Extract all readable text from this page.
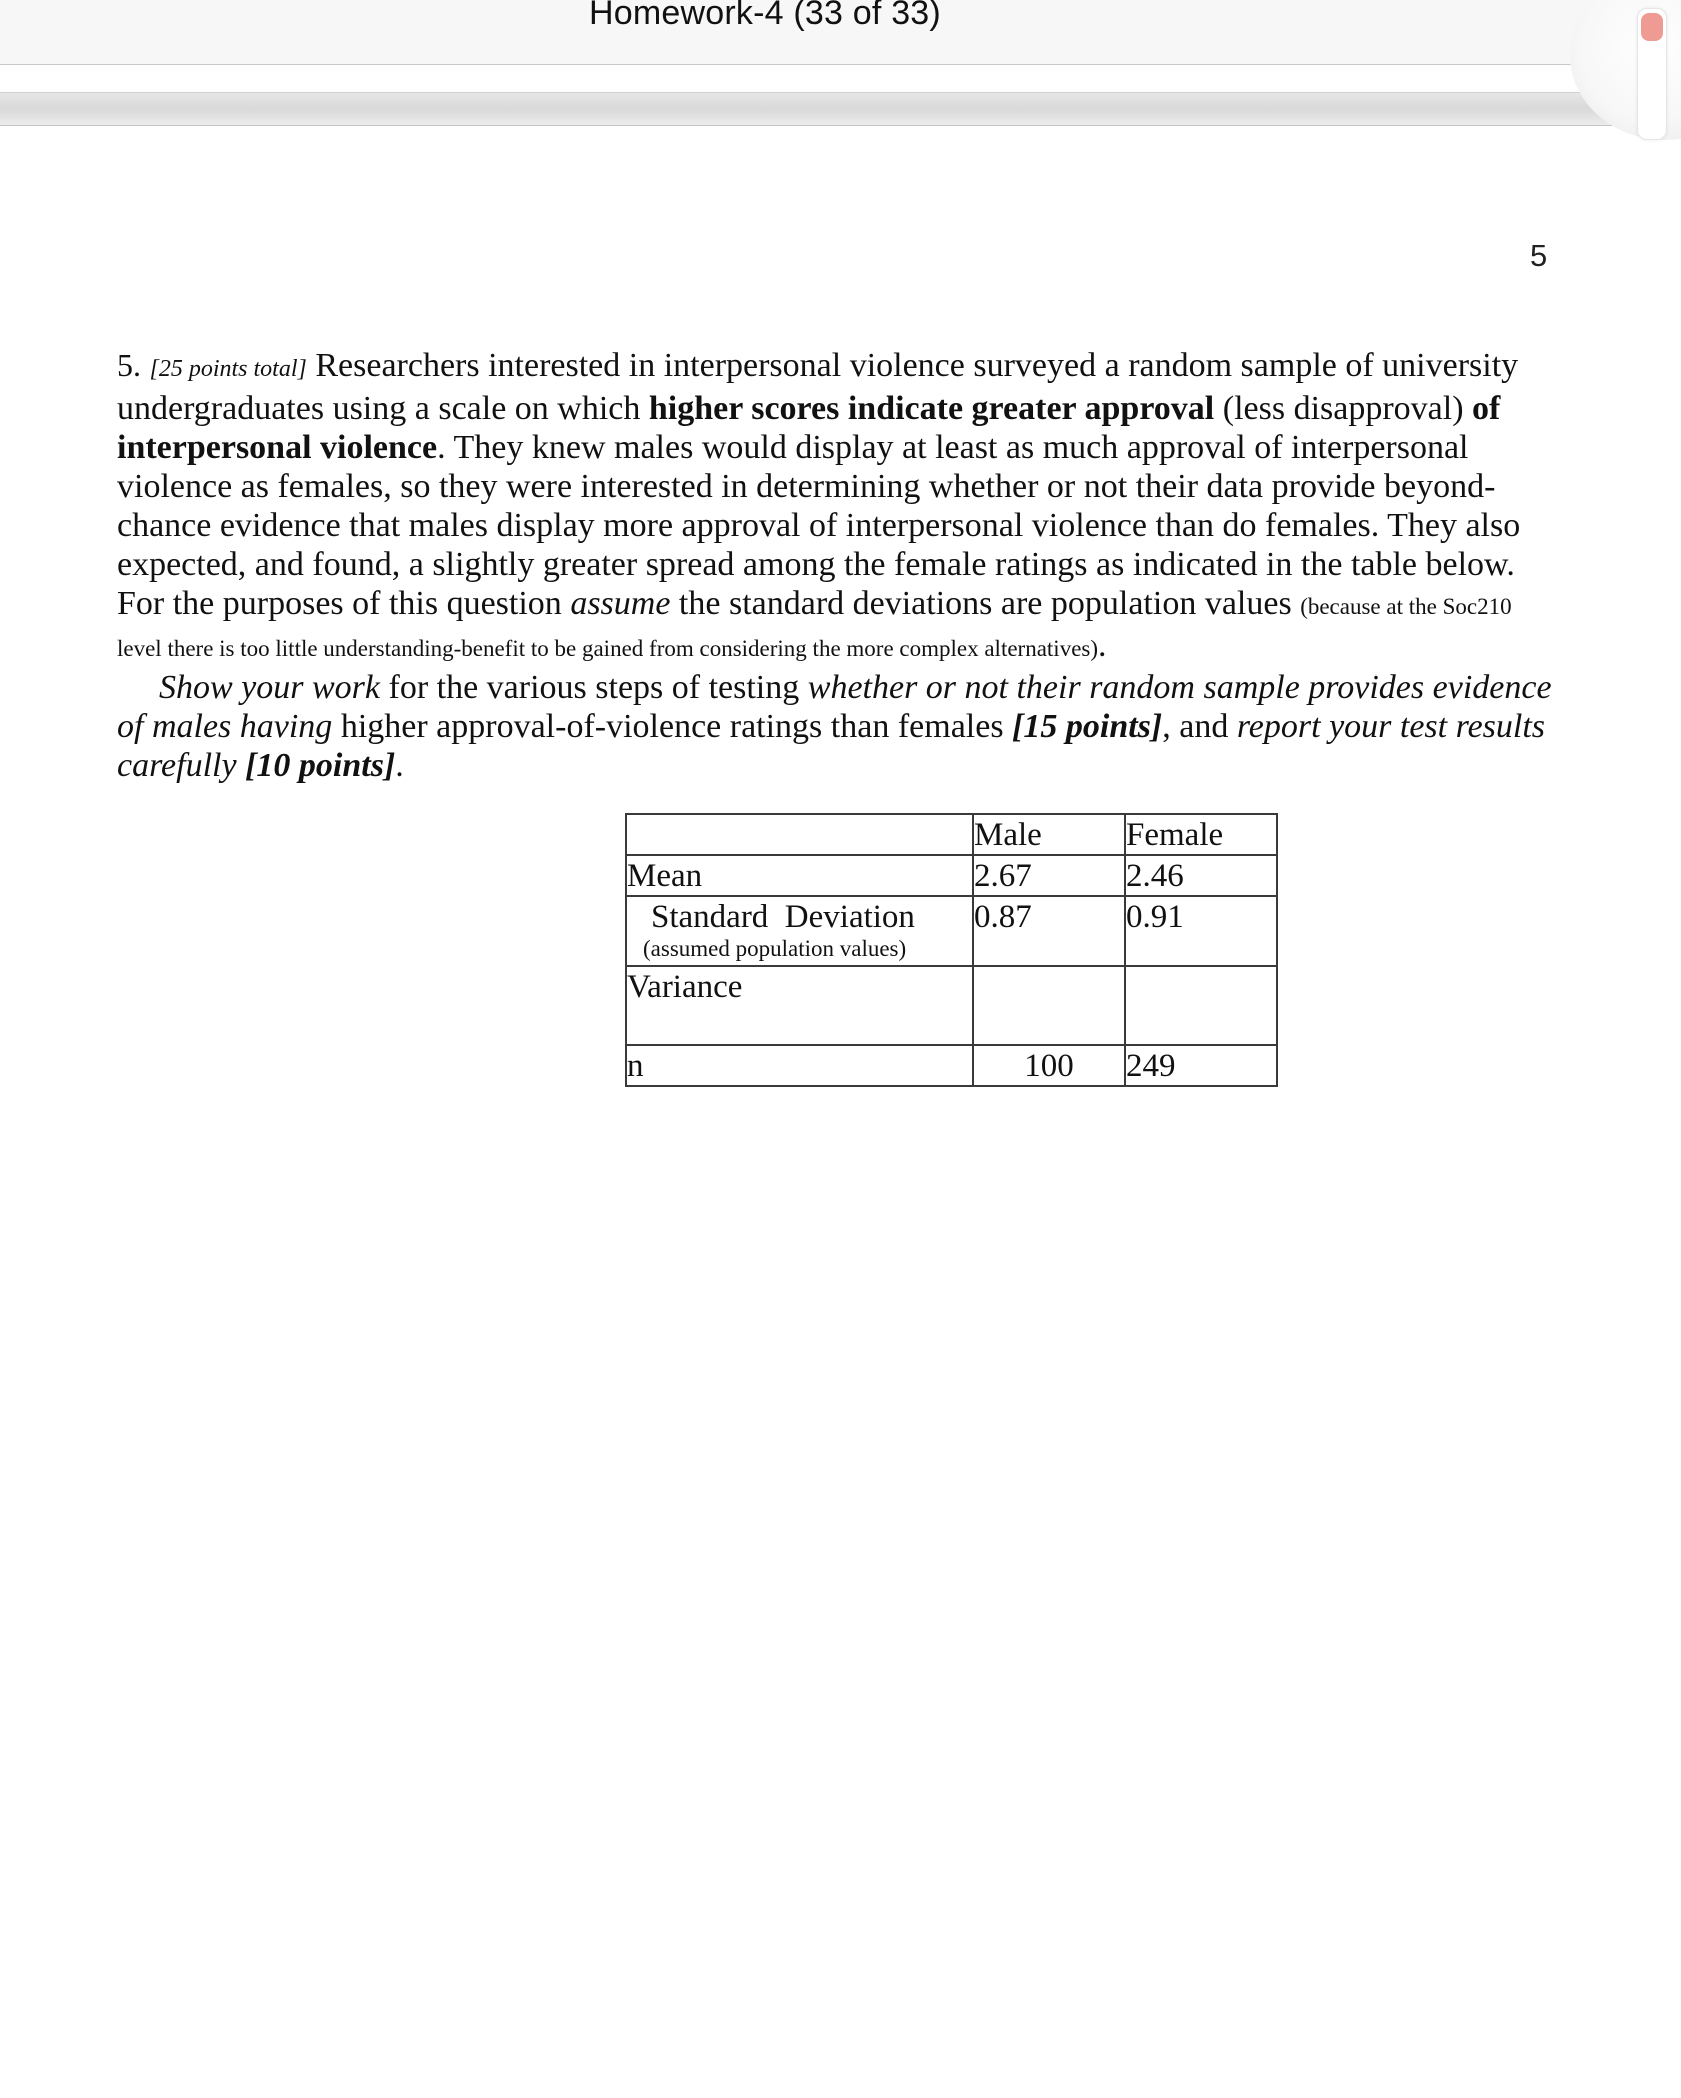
Homework-4 (33 of 33)
5

5. [25 points total] Researchers interested in interpersonal violence surveyed a random sample of university undergraduates using a scale on which higher scores indicate greater approval (less disapproval) of interpersonal violence. They knew males would display at least as much approval of interpersonal violence as females, so they were interested in determining whether or not their data provide beyond-chance evidence that males display more approval of interpersonal violence than do females. They also expected, and found, a slightly greater spread among the female ratings as indicated in the table below. For the purposes of this question assume the standard deviations are population values (because at the Soc210 level there is too little understanding-benefit to be gained from considering the more complex alternatives).

Show your work for the various steps of testing whether or not their random sample provides evidence of males having higher approval-of-violence ratings than females [15 points], and report your test results carefully [10 points].

	Male	Female

Mean	2.67	2.46

Standard  Deviation
(assumed population values)	0.87	0.91

Variance		

n	100	249
